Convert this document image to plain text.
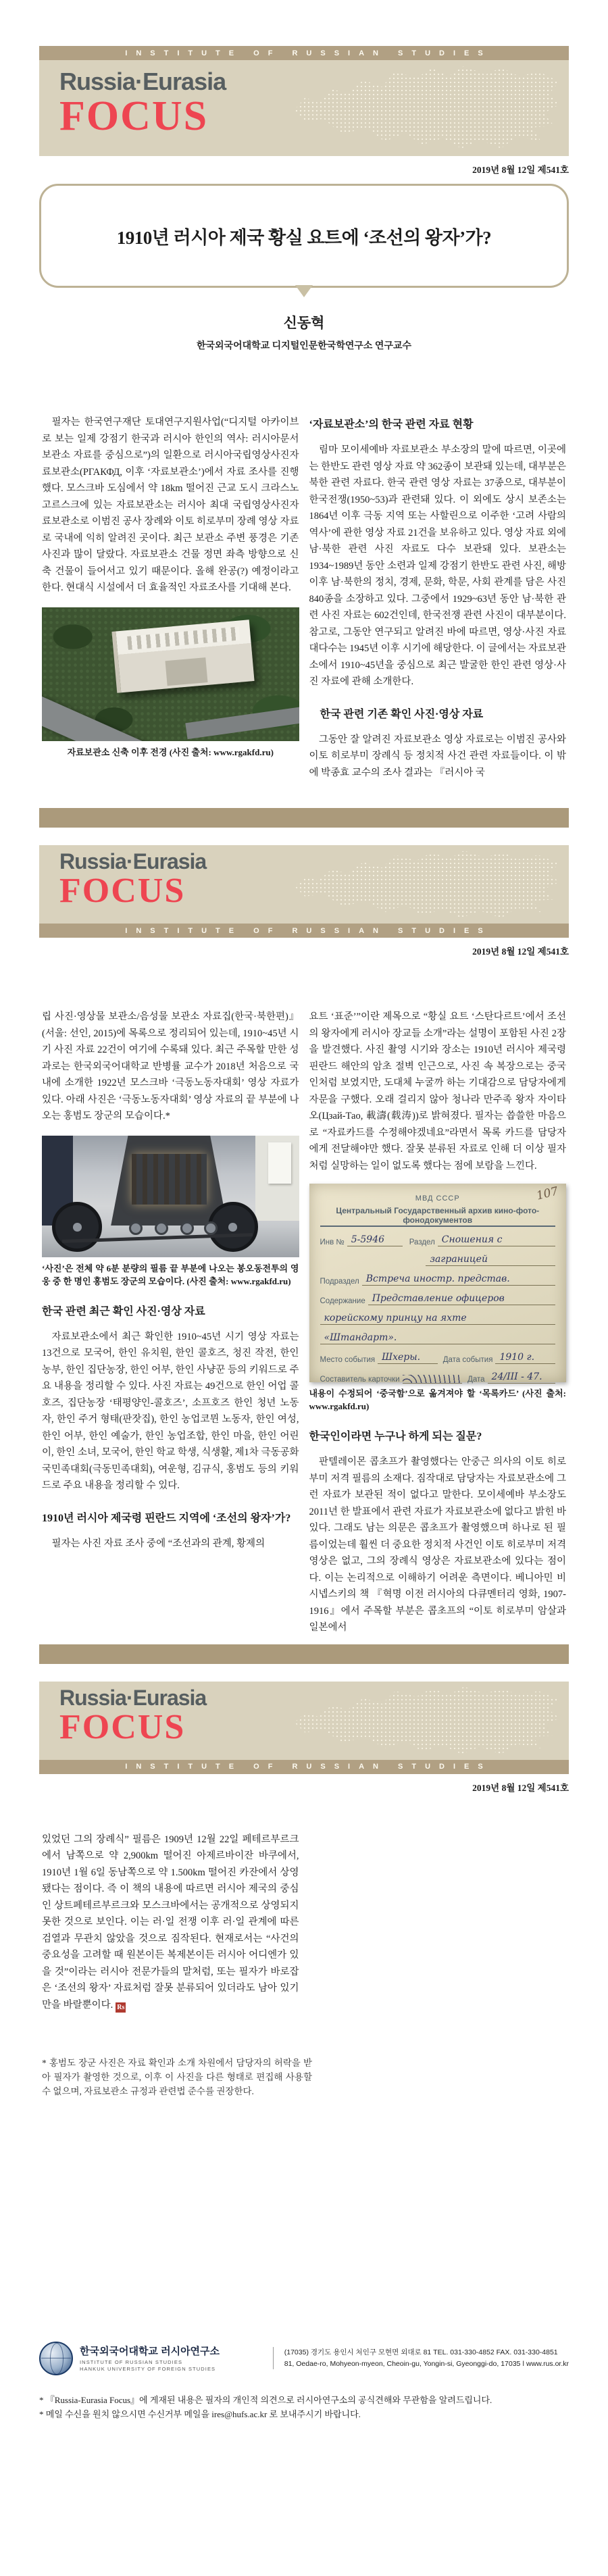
INSTITUTE OF RUSSIAN STUDIES
Russia·Eurasia
FOCUS
2019년 8월 12일 제541호
1910년 러시아 제국 황실 요트에 ‘조선의 왕자’가?
신동혁
한국외국어대학교 디지털인문한국학연구소 연구교수

필자는 한국연구재단 토대연구지원사업(“디지털 아카이브로 보는 일제 강점기 한국과 러시아 한인의 역사: 러시아문서보관소 자료를 중심으로”)의 일환으로 러시아국립영상사진자료보관소(РГАКФД, 이후 ‘자료보관소’)에서 자료 조사를 진행했다. 모스크바 도심에서 약 18km 떨어진 근교 도시 크라스노고르스크에 있는 자료보관소는 러시아 최대 국립영상사진자료보관소로 이범진 공사 장례와 이토 히로부미 장례 영상 자료로 국내에 익히 알려진 곳이다. 최근 보관소 주변 풍경은 기존 사진과 많이 달랐다. 자료보관소 건물 정면 좌측 방향으로 신축 건물이 들어서고 있기 때문이다. 올해 완공(?) 예정이라고 한다. 현대식 시설에서 더 효율적인 자료조사를 기대해 본다.

자료보관소 신축 이후 전경 (사진 출처: www.rgakfd.ru)
‘자료보관소’의 한국 관련 자료 현황

림마 모이세예바 자료보관소 부소장의 말에 따르면, 이곳에는 한반도 관련 영상 자료 약 362종이 보관돼 있는데, 대부분은 북한 관련 자료다. 한국 관련 영상 자료는 37종으로, 대부분이 한국전쟁(1950~53)과 관련돼 있다. 이 외에도 상시 보존소는 1864년 이후 극동 지역 또는 사할린으로 이주한 ‘고려 사람의 역사’에 관한 영상 자료 21건을 보유하고 있다. 영상 자료 외에 남·북한 관련 사진 자료도 다수 보관돼 있다. 보관소는 1934~1989년 동안 소련과 일제 강점기 한반도 관련 사진, 해방 이후 남·북한의 정치, 경제, 문화, 학문, 사회 관계를 담은 사진 840종을 소장하고 있다. 그중에서 1929~63년 동안 남·북한 관련 사진 자료는 602건인데, 한국전쟁 관련 사진이 대부분이다. 참고로, 그동안 연구되고 알려진 바에 따르면, 영상·사진 자료 대다수는 1945년 이후 시기에 해당한다. 이 글에서는 자료보관소에서 1910~45년을 중심으로 최근 발굴한 한인 관련 영상·사진 자료에 관해 소개한다.

한국 관련 기존 확인 사진·영상 자료

그동안 잘 알려진 자료보관소 영상 자료로는 이범진 공사와 이토 히로부미 장례식 등 정치적 사건 관련 자료들이다. 이 밖에 박종효 교수의 조사 결과는 『러시아 국

Russia·Eurasia
FOCUS
INSTITUTE OF RUSSIAN STUDIES
2019년 8월 12일 제541호

립 사진·영상물 보관소/음성물 보관소 자료집(한국·북한편)』 (서울: 선인, 2015)에 목록으로 정리되어 있는데, 1910~45년 시기 사진 자료 22건이 여기에 수록돼 있다. 최근 주목할 만한 성과로는 한국외국어대학교 반병률 교수가 2018년 처음으로 국내에 소개한 1922년 모스크바 ‘극동노동자대회’ 영상 자료가 있다. 아래 사진은 ‘극동노동자대회’ 영상 자료의 끝 부분에 나오는 홍범도 장군의 모습이다.*

‘사진’은 전체 약 6분 분량의 필름 끝 부분에 나오는 봉오동전투의 영웅 중 한 명인 홍범도 장군의 모습이다. (사진 출처: www.rgakfd.ru)
한국 관련 최근 확인 사진·영상 자료

자료보관소에서 최근 확인한 1910~45년 시기 영상 자료는 13건으로 모국어, 한인 유치원, 한인 콜호즈, 청진 작전, 한인 농부, 한인 집단농장, 한인 어부, 한인 사냥꾼 등의 키워드로 주요 내용을 정리할 수 있다. 사진 자료는 49건으로 한인 어업 콜호즈, 집단농장 ‘태평양인-콜호즈’, 소프호즈 한인 청년 노동자, 한인 주거 형태(판잣집), 한인 농업코뮌 노동자, 한인 여성, 한인 어부, 한인 예술가, 한인 농업조합, 한인 마을, 한인 어린이, 한인 소녀, 모국어, 한인 학교 학생, 식생활, 제1차 극동공화국민족대회(극동민족대회), 여운형, 김규식, 홍범도 등의 키워드로 주요 내용을 정리할 수 있다.

1910년 러시아 제국령 핀란드 지역에 ‘조선의 왕자’가?

필자는 사진 자료 조사 중에 “조선과의 관계, 황제의

요트 ‘표준’”이란 제목으로 “황실 요트 ‘스탄다르트’에서 조선의 왕자에게 러시아 장교들 소개”라는 설명이 포함된 사진 2장을 발견했다. 사진 촬영 시기와 장소는 1910년 러시아 제국령 핀란드 해안의 암초 절벽 인근으로, 사진 속 복장으로는 중국인처럼 보였지만, 도대체 누굴까 하는 기대감으로 담당자에게 자문을 구했다. 오래 걸리지 않아 청나라 만주족 왕자 자이타오(Цзай-Тао, 載濤(载涛))로 밝혀졌다. 필자는 씁쓸한 마음으로 “자료카드를 수정해야겠네요”라면서 목록 카드를 담당자에게 전달해야만 했다. 잘못 분류된 자료로 인해 더 이상 필자처럼 실망하는 일이 없도록 했다는 점에 보람을 느낀다.

107
МВД СССР
Центральный Государственный архив кино-фото-фонодокументов
Инв № 5-5946	Раздел Сношения с
заграницей
Подраздел Встреча иностр. представ.
Содержание Представление офицеров
корейскому принцу на яхте
«Штандарт».
Место события Шхеры.	Дата события 1910 г.
Составитель карточки	Дата 24/III - 47.
내용이 수정되어 ‘중국함’으로 옮겨져야 할 ‘목록카드’ (사진 출처: www.rgakfd.ru)
한국인이라면 누구나 하게 되는 질문?

판텔레이몬 콥초프가 촬영했다는 안중근 의사의 이토 히로부미 저격 필름의 소재다. 짐작대로 담당자는 자료보관소에 그런 자료가 보관된 적이 없다고 말한다. 모이세예바 부소장도 2011년 한 발표에서 관련 자료가 자료보관소에 없다고 밝힌 바 있다. 그래도 남는 의문은 콥초프가 촬영했으며 하나로 된 필름이었는데 훨씬 더 중요한 정치적 사건인 이토 히로부미 저격 영상은 없고, 그의 장례식 영상은 자료보관소에 있다는 점이다. 이는 논리적으로 이해하기 어려운 측면이다. 베니아민 비시넵스키의 책 『혁명 이전 러시아의 다큐멘터리 영화, 1907-1916』에서 주목할 부분은 콥초프의 “이토 히로부미 암살과 일본에서

Russia·Eurasia
FOCUS
INSTITUTE OF RUSSIAN STUDIES
2019년 8월 12일 제541호

있었던 그의 장례식” 필름은 1909년 12월 22일 페테르부르크에서 남쪽으로 약 2,900km 떨어진 아제르바이잔 바쿠에서, 1910년 1월 6일 동남쪽으로 약 1.500km 떨어진 카잔에서 상영됐다는 점이다. 즉 이 책의 내용에 따르면 러시아 제국의 중심인 상트페테르부르크와 모스크바에서는 공개적으로 상영되지 못한 것으로 보인다. 이는 러·일 전쟁 이후 러·일 관계에 따른 검열과 무관치 않았을 것으로 짐작된다. 현재로서는 “사건의 중요성을 고려할 때 원본이든 복제본이든 러시아 어디엔가 있을 것”이라는 러시아 전문가들의 말처럼, 또는 필자가 바로잡은 ‘조선의 왕자’ 자료처럼 잘못 분류되어 있더라도 남아 있기만을 바랄뿐이다. Rs

* 홍범도 장군 사진은 자료 확인과 소개 차원에서 담당자의 허락을 받아 필자가 촬영한 것으로, 이후 이 사진을 다른 형태로 편집해 사용할 수 없으며, 자료보관소 규정과 관련법 준수를 권장한다.
한국외국어대학교 러시아연구소
INSTITUTE OF RUSSIAN STUDIES
HANKUK UNIVERSITY OF FOREIGN STUDIES
(17035) 경기도 용인시 처인구 모현면 외대로 81 TEL. 031-330-4852 FAX. 031-330-4851
81, Oedae-ro, Mohyeon-myeon, Cheoin-gu, Yongin-si, Gyeonggi-do, 17035 ǀ www.rus.or.kr
* 『Russia-Eurasia Focus』에 게재된 내용은 필자의 개인적 의견으로 러시아연구소의 공식견해와 무관함을 알려드립니다.
* 메일 수신을 원치 않으시면 수신거부 메일을 ires@hufs.ac.kr 로 보내주시기 바랍니다.
